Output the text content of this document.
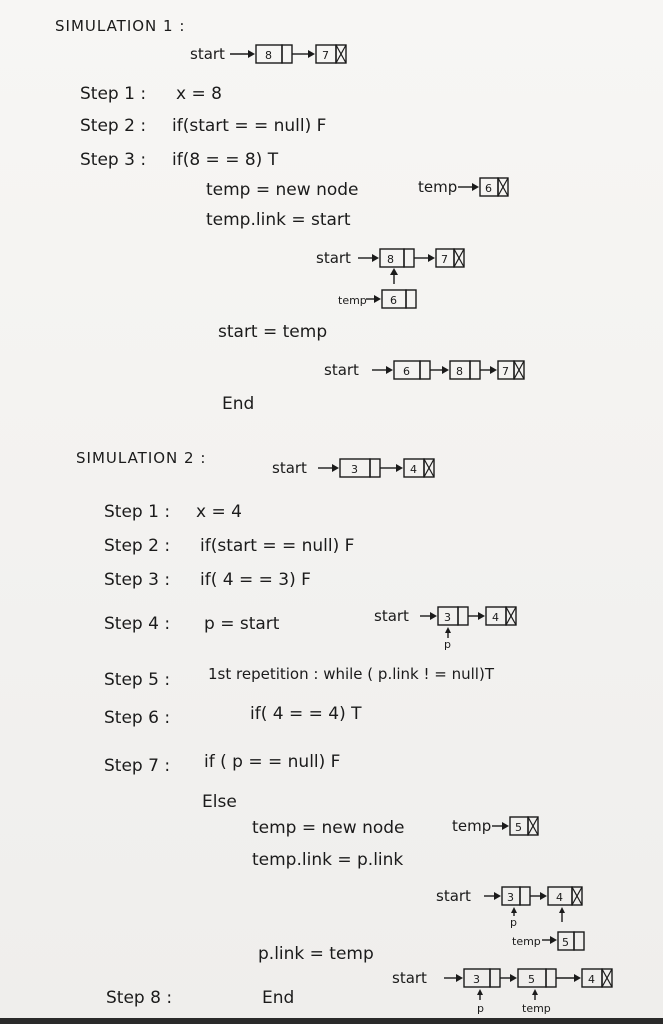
SIMULATION 1 :
start	8	7
Step 1 : x = 8
Step 2 : if(start = = null) F
Step 3 : if(8 = = 8) T
temp = new node	temp	6
temp.link = start
start	8	7
temp 6
start = temp
start	6	8	7
End
SIMULATION 2 :
start	3	4
Step 1 : x = 4
Step 2 : if(start = = null) F
Step 3 : if( 4 = = 3) F
Step 4 : p = start	start	3	4
p
Step 5 :	1st repetition : while ( p.link ! = null)T
Step 6 :	if( 4 = = 4) T
Step 7 : if ( p = = null) F
Else
temp = new node	temp 5
temp.link = p.link
start	3	4
p
temp 5
p.link = temp
Step 8 :	End
start	3	5	4
p	temp
